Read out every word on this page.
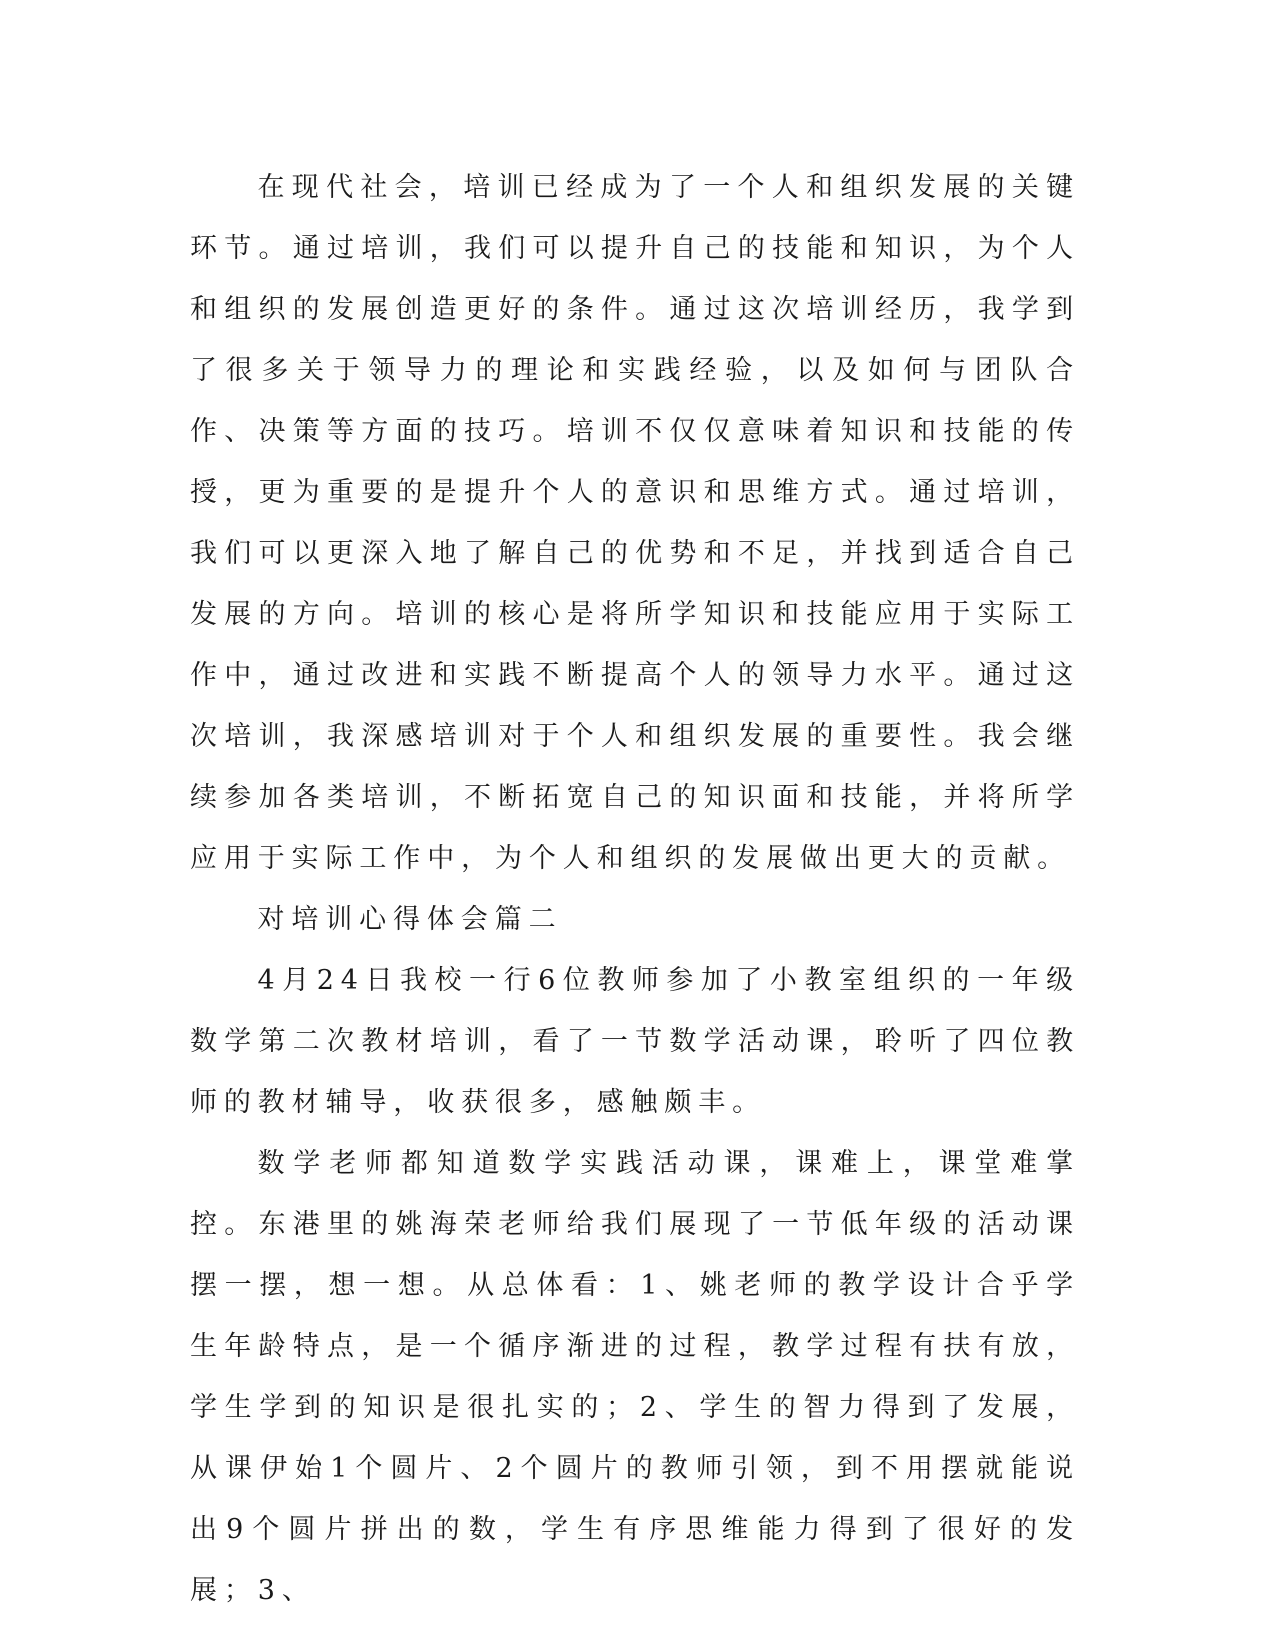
在现代社会，培训已经成为了一个人和组织发展的关键环节。通过培训，我们可以提升自己的技能和知识，为个人和组织的发展创造更好的条件。通过这次培训经历，我学到了很多关于领导力的理论和实践经验，以及如何与团队合作、决策等方面的技巧。培训不仅仅意味着知识和技能的传授，更为重要的是提升个人的意识和思维方式。通过培训，我们可以更深入地了解自己的优势和不足，并找到适合自己发展的方向。培训的核心是将所学知识和技能应用于实际工作中，通过改进和实践不断提高个人的领导力水平。通过这次培训，我深感培训对于个人和组织发展的重要性。我会继续参加各类培训，不断拓宽自己的知识面和技能，并将所学应用于实际工作中，为个人和组织的发展做出更大的贡献。

对培训心得体会篇二

4月24日我校一行6位教师参加了小教室组织的一年级数学第二次教材培训，看了一节数学活动课，聆听了四位教师的教材辅导，收获很多，感触颇丰。

数学老师都知道数学实践活动课，课难上，课堂难掌控。东港里的姚海荣老师给我们展现了一节低年级的活动课摆一摆，想一想。从总体看：1、姚老师的教学设计合乎学生年龄特点，是一个循序渐进的过程，教学过程有扶有放，学生学到的知识是很扎实的；2、学生的智力得到了发展，从课伊始1个圆片、2个圆片的教师引领，到不用摆就能说出9个圆片拼出的数，学生有序思维能力得到了很好的发展；3、
